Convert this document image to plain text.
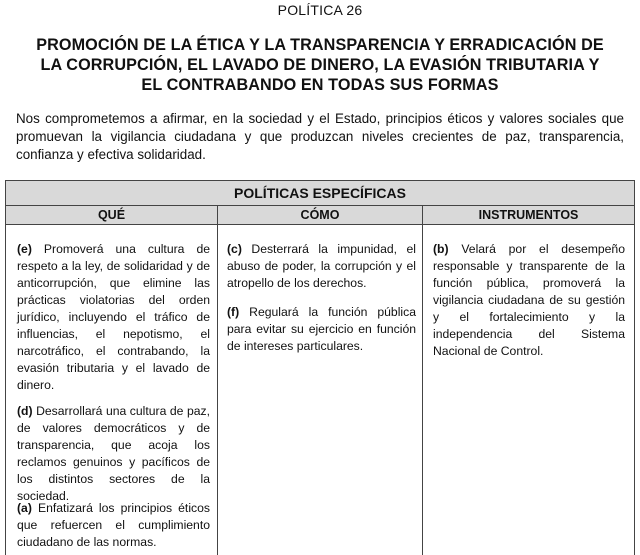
POLÍTICA 26
PROMOCIÓN DE LA ÉTICA Y LA TRANSPARENCIA Y ERRADICACIÓN DE LA CORRUPCIÓN, EL LAVADO DE DINERO, LA EVASIÓN TRIBUTARIA Y EL CONTRABANDO EN TODAS SUS FORMAS
Nos comprometemos a afirmar, en la sociedad y el Estado, principios éticos y valores sociales que promuevan la vigilancia ciudadana y que produzcan niveles crecientes de paz, transparencia, confianza y efectiva solidaridad.
POLÍTICAS ESPECÍFICAS
QUÉ	CÓMO	INSTRUMENTOS
(e) Promoverá una cultura de respeto a la ley, de solidaridad y de anticorrupción, que elimine las prácticas violatorias del orden jurídico, incluyendo el tráfico de influencias, el nepotismo, el narcotráfico, el contrabando, la evasión tributaria y el lavado de dinero.
(d) Desarrollará una cultura de paz, de valores democráticos y de transparencia, que acoja los reclamos genuinos y pacíficos de los distintos sectores de la sociedad.
(a) Enfatizará los principios éticos que refuercen el cumplimiento ciudadano de las normas.
(c) Desterrará la impunidad, el abuso de poder, la corrupción y el atropello de los derechos.
(f) Regulará la función pública para evitar su ejercicio en función de intereses particulares.
(b) Velará por el desempeño responsable y transparente de la función pública, promoverá la vigilancia ciudadana de su gestión y el fortalecimiento y la independencia del Sistema Nacional de Control.
